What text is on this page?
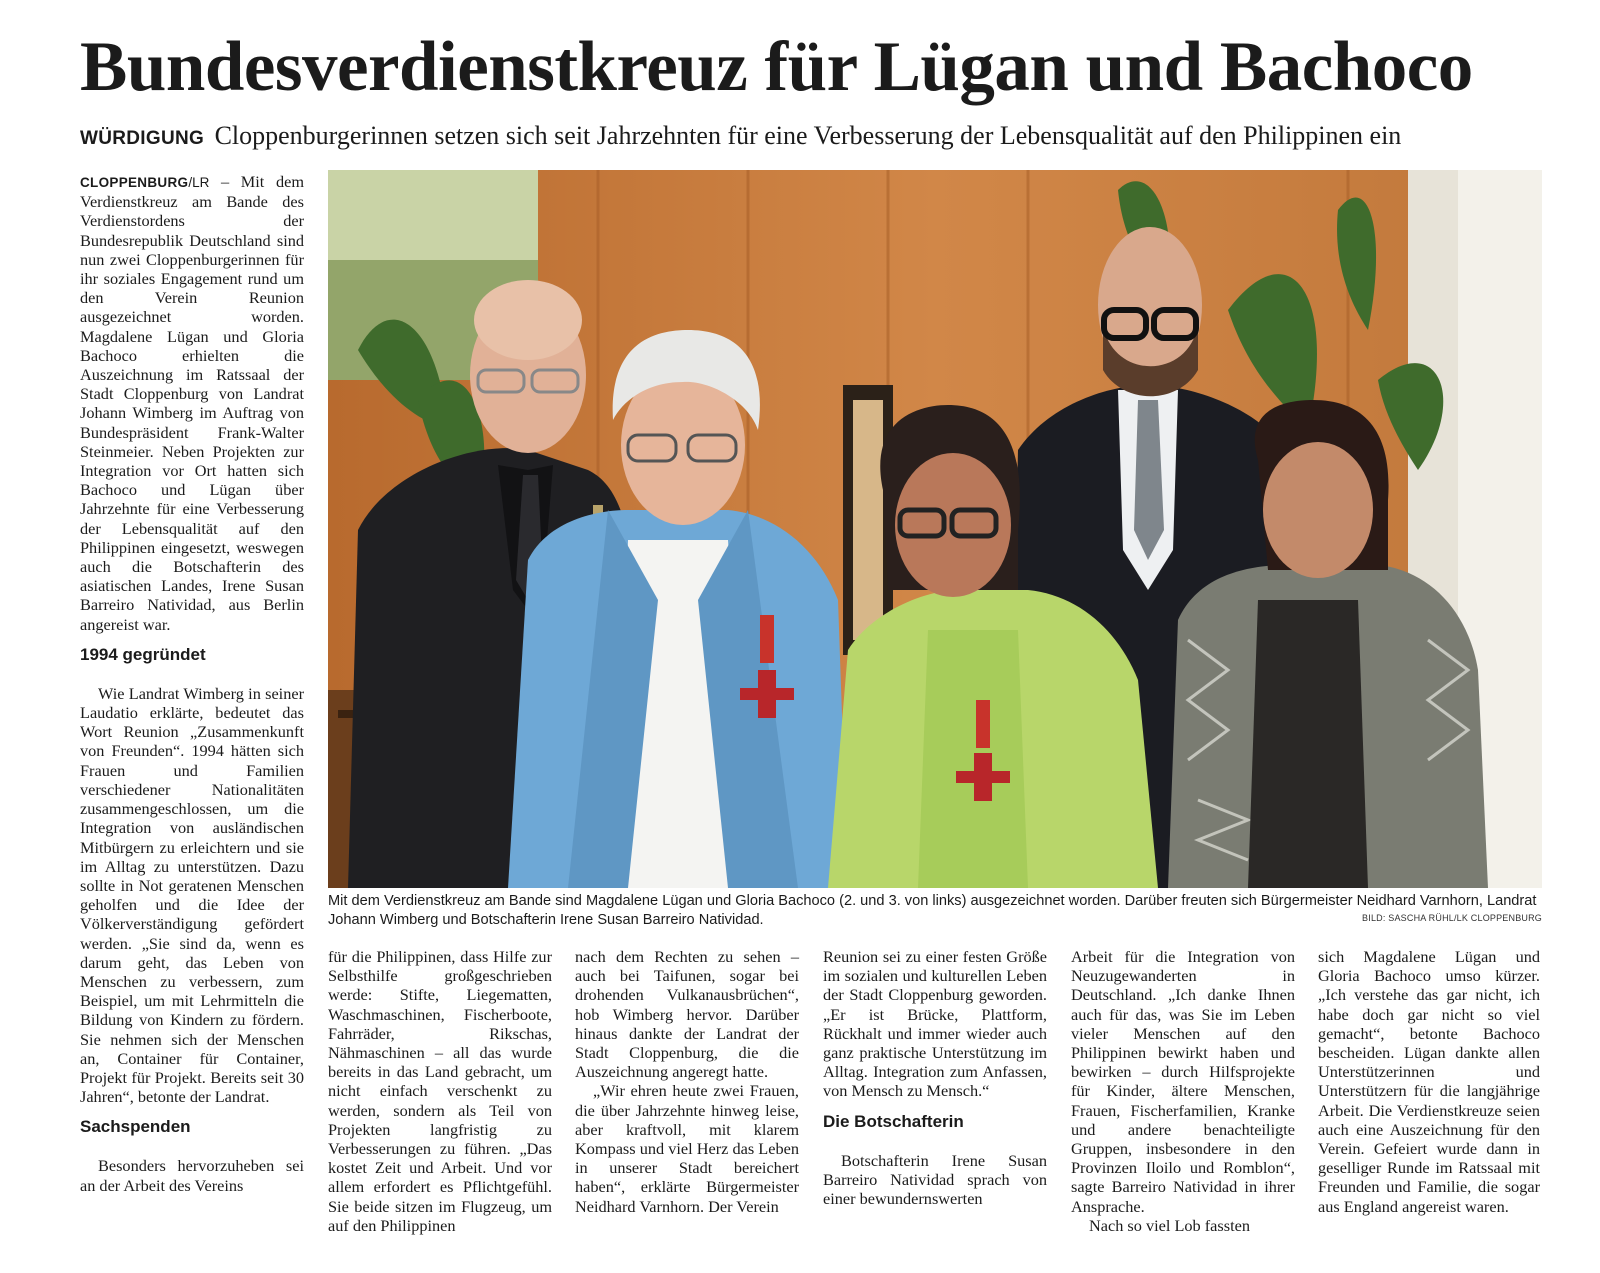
Bundesverdienstkreuz für Lügan und Bachoco
WÜRDIGUNG Cloppenburgerinnen setzen sich seit Jahrzehnten für eine Verbesserung der Lebensqualität auf den Philippinen ein

CLOPPENBURG/LR – Mit dem Verdienstkreuz am Bande des Verdienstordens der Bundesrepublik Deutschland sind nun zwei Cloppenburgerinnen für ihr soziales Engagement rund um den Verein Reunion ausgezeichnet worden. Magdalene Lügan und Gloria Bachoco erhielten die Auszeichnung im Ratssaal der Stadt Cloppenburg von Landrat Johann Wimberg im Auftrag von Bundespräsident Frank-Walter Steinmeier. Neben Projekten zur Integration vor Ort hatten sich Bachoco und Lügan über Jahrzehnte für eine Verbesserung der Lebensqualität auf den Philippinen eingesetzt, weswegen auch die Botschafterin des asiatischen Landes, Irene Susan Barreiro Natividad, aus Berlin angereist war.

1994 gegründet

Wie Landrat Wimberg in seiner Laudatio erklärte, bedeutet das Wort Reunion „Zusammenkunft von Freunden“. 1994 hätten sich Frauen und Familien verschiedener Nationalitäten zusammengeschlossen, um die Integration von ausländischen Mitbürgern zu erleichtern und sie im Alltag zu unterstützen. Dazu sollte in Not geratenen Menschen geholfen und die Idee der Völkerverständigung gefördert werden. „Sie sind da, wenn es darum geht, das Leben von Menschen zu verbessern, zum Beispiel, um mit Lehrmitteln die Bildung von Kindern zu fördern. Sie nehmen sich der Menschen an, Container für Container, Projekt für Projekt. Bereits seit 30 Jahren“, betonte der Landrat.

Sachspenden

Besonders hervorzuheben sei an der Arbeit des Vereins

Mit dem Verdienstkreuz am Bande sind Magdalene Lügan und Gloria Bachoco (2. und 3. von links) ausgezeichnet worden. Darüber freuten sich Bürgermeister Neidhard Varnhorn, Landrat Johann Wimberg und Botschafterin Irene Susan Barreiro Natividad.	BILD: SASCHA RÜHL/LK CLOPPENBURG

für die Philippinen, dass Hilfe zur Selbsthilfe großgeschrieben werde: Stifte, Liegematten, Waschmaschinen, Fischerboote, Fahrräder, Rikschas, Nähmaschinen – all das wurde bereits in das Land gebracht, um nicht einfach verschenkt zu werden, sondern als Teil von Projekten langfristig zu Verbesserungen zu führen. „Das kostet Zeit und Arbeit. Und vor allem erfordert es Pflichtgefühl. Sie beide sitzen im Flugzeug, um auf den Philippinen

nach dem Rechten zu sehen – auch bei Taifunen, sogar bei drohenden Vulkanausbrüchen“, hob Wimberg hervor. Darüber hinaus dankte der Landrat der Stadt Cloppenburg, die die Auszeichnung angeregt hatte.

„Wir ehren heute zwei Frauen, die über Jahrzehnte hinweg leise, aber kraftvoll, mit klarem Kompass und viel Herz das Leben in unserer Stadt bereichert haben“, erklärte Bürgermeister Neidhard Varnhorn. Der Verein

Reunion sei zu einer festen Größe im sozialen und kulturellen Leben der Stadt Cloppenburg geworden. „Er ist Brücke, Plattform, Rückhalt und immer wieder auch ganz praktische Unterstützung im Alltag. Integration zum Anfassen, von Mensch zu Mensch.“

Die Botschafterin

Botschafterin Irene Susan Barreiro Natividad sprach von einer bewundernswerten

Arbeit für die Integration von Neuzugewanderten in Deutschland. „Ich danke Ihnen auch für das, was Sie im Leben vieler Menschen auf den Philippinen bewirkt haben und bewirken – durch Hilfsprojekte für Kinder, ältere Menschen, Frauen, Fischerfamilien, Kranke und andere benachteiligte Gruppen, insbesondere in den Provinzen Iloilo und Romblon“, sagte Barreiro Natividad in ihrer Ansprache.

Nach so viel Lob fassten

sich Magdalene Lügan und Gloria Bachoco umso kürzer. „Ich verstehe das gar nicht, ich habe doch gar nicht so viel gemacht“, betonte Bachoco bescheiden. Lügan dankte allen Unterstützerinnen und Unterstützern für die langjährige Arbeit. Die Verdienstkreuze seien auch eine Auszeichnung für den Verein. Gefeiert wurde dann in geselliger Runde im Ratssaal mit Freunden und Familie, die sogar aus England angereist waren.
